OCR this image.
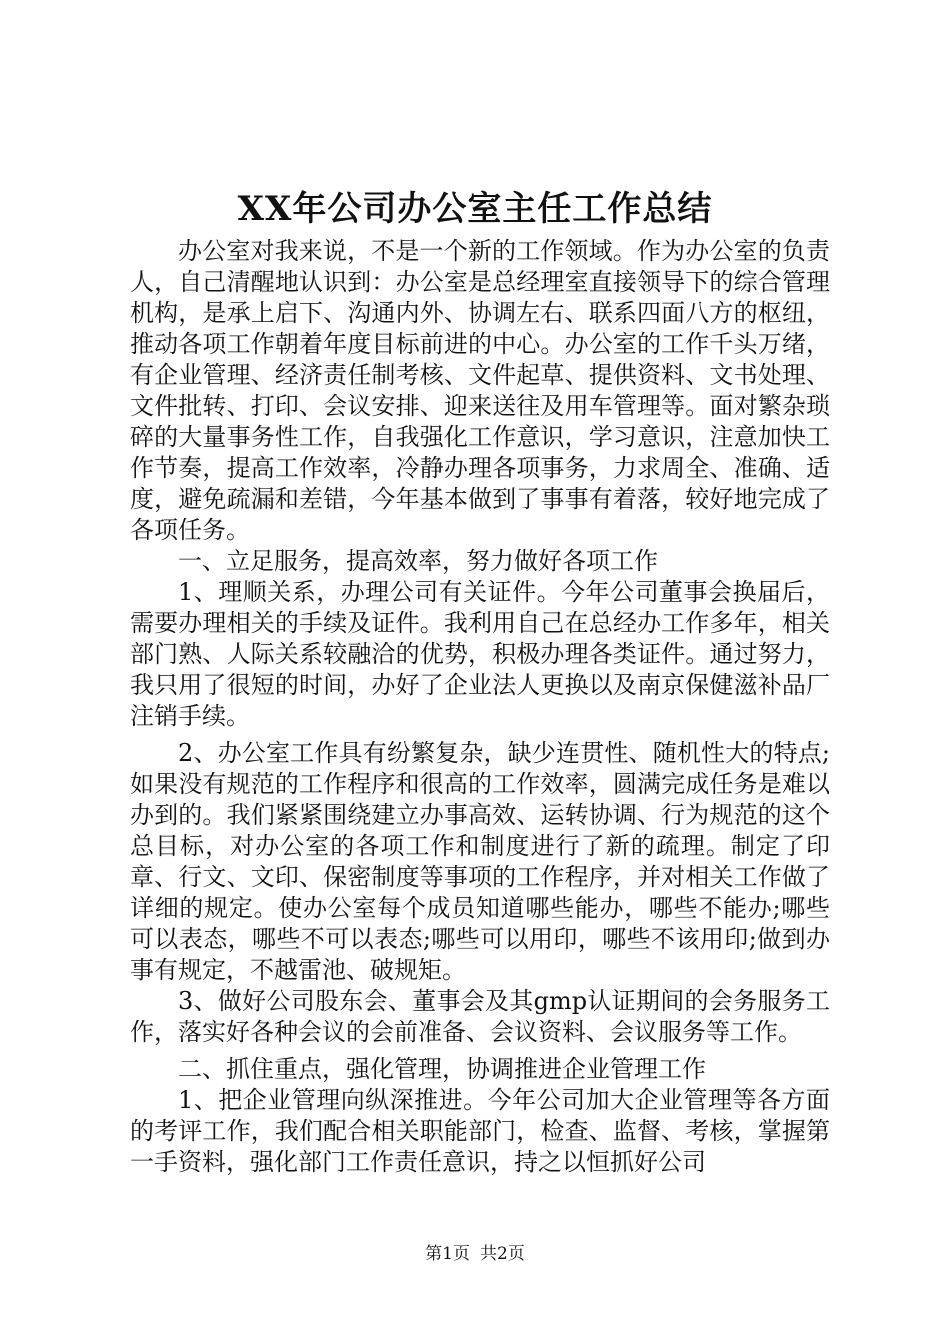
XX年公司办公室主任工作总结

办公室对我来说，不是一个新的工作领域。作为办公室的负责人，自己清醒地认识到：办公室是总经理室直接领导下的综合管理机构，是承上启下、沟通内外、协调左右、联系四面八方的枢纽，推动各项工作朝着年度目标前进的中心。办公室的工作千头万绪，有企业管理、经济责任制考核、文件起草、提供资料、文书处理、文件批转、打印、会议安排、迎来送往及用车管理等。面对繁杂琐碎的大量事务性工作，自我强化工作意识，学习意识，注意加快工作节奏，提高工作效率，冷静办理各项事务，力求周全、准确、适度，避免疏漏和差错，今年基本做到了事事有着落，较好地完成了各项任务。

一、立足服务，提高效率，努力做好各项工作

1、理顺关系，办理公司有关证件。今年公司董事会换届后，需要办理相关的手续及证件。我利用自己在总经办工作多年，相关部门熟、人际关系较融洽的优势，积极办理各类证件。通过努力，我只用了很短的时间，办好了企业法人更换以及南京保健滋补品厂注销手续。

2、办公室工作具有纷繁复杂，缺少连贯性、随机性大的特点;如果没有规范的工作程序和很高的工作效率，圆满完成任务是难以办到的。我们紧紧围绕建立办事高效、运转协调、行为规范的这个总目标，对办公室的各项工作和制度进行了新的疏理。制定了印章、行文、文印、保密制度等事项的工作程序，并对相关工作做了详细的规定。使办公室每个成员知道哪些能办，哪些不能办;哪些可以表态，哪些不可以表态;哪些可以用印，哪些不该用印;做到办事有规定，不越雷池、破规矩。

3、做好公司股东会、董事会及其gmp认证期间的会务服务工作，落实好各种会议的会前准备、会议资料、会议服务等工作。

二、抓住重点，强化管理，协调推进企业管理工作

1、把企业管理向纵深推进。今年公司加大企业管理等各方面的考评工作，我们配合相关职能部门，检查、监督、考核，掌握第一手资料，强化部门工作责任意识，持之以恒抓好公司

第1页 共2页
